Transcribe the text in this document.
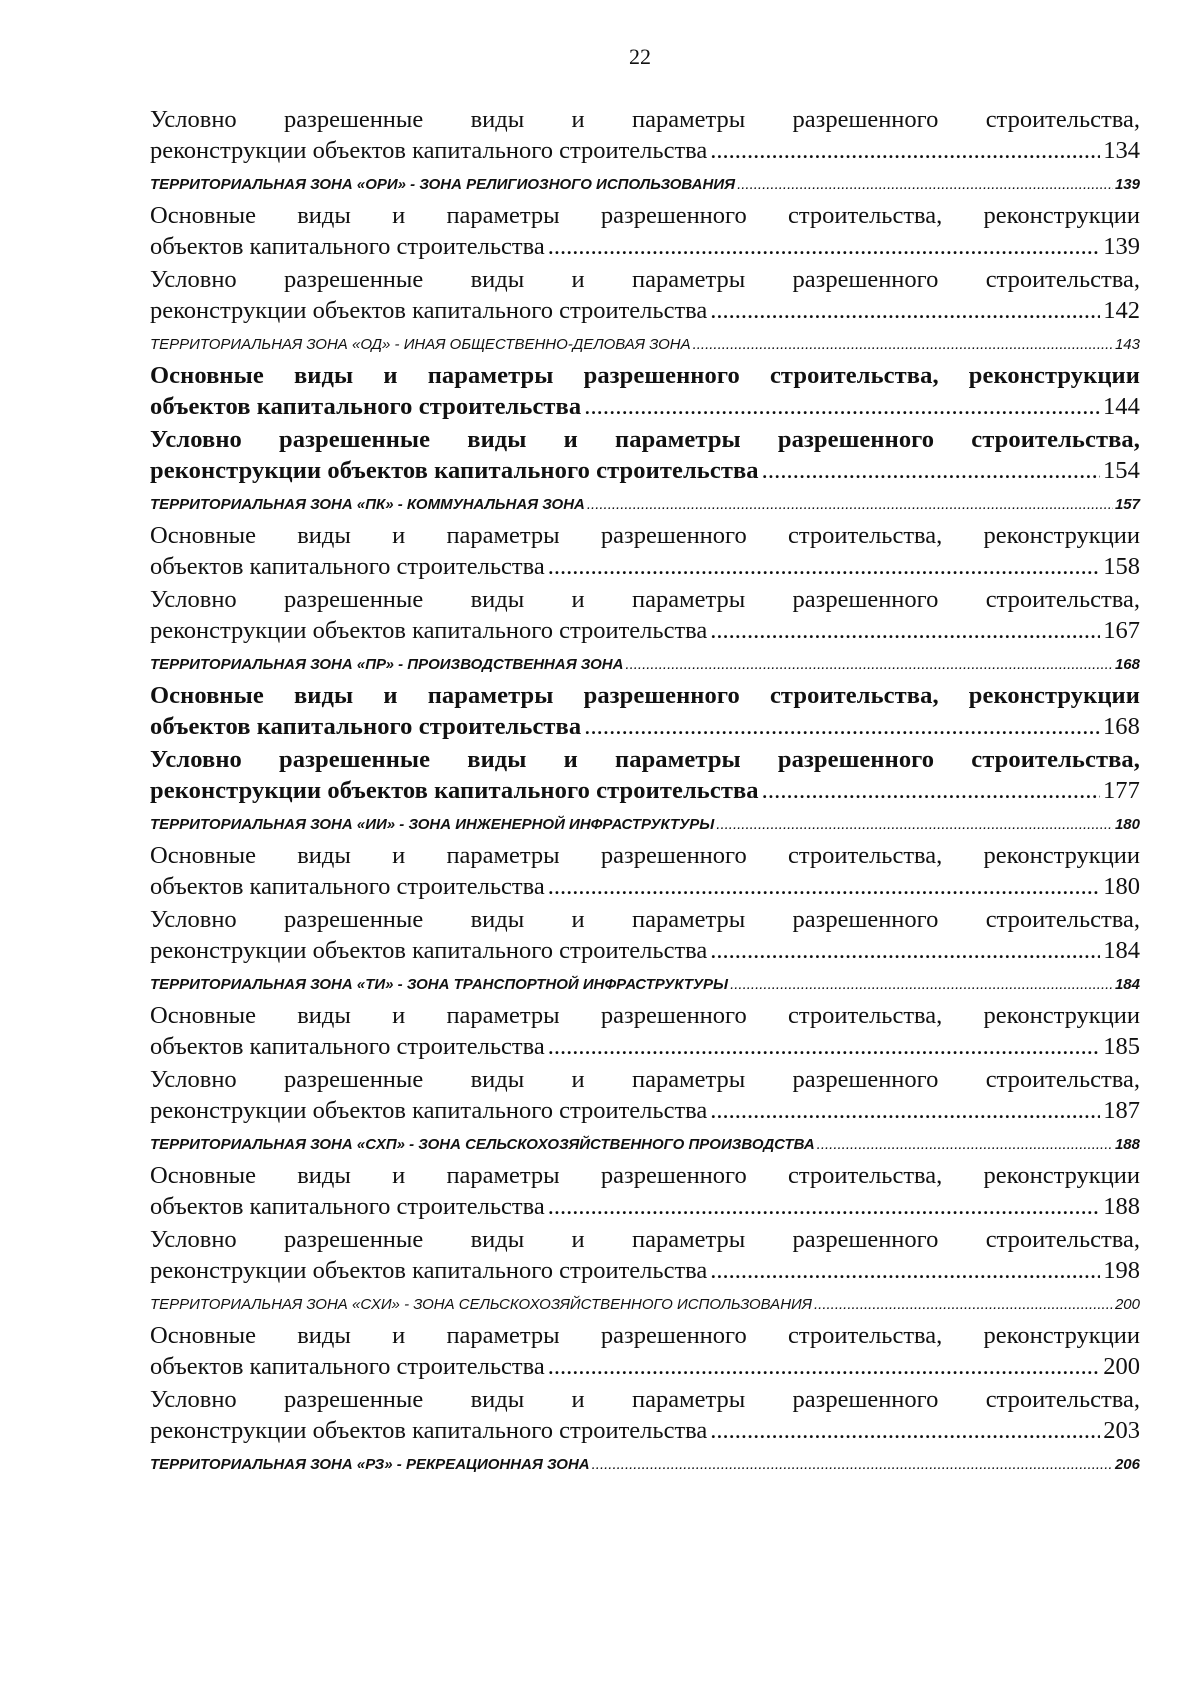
22
Условно разрешенные виды и параметры разрешенного строительства,
реконструкции объектов капитального строительства .....	134
ТЕРРИТОРИАЛЬНАЯ ЗОНА «ОРИ» - ЗОНА РЕЛИГИОЗНОГО ИСПОЛЬЗОВАНИЯ .....	139
Основные виды и параметры разрешенного строительства, реконструкции
объектов капитального строительства .....	139
Условно разрешенные виды и параметры разрешенного строительства,
реконструкции объектов капитального строительства .....	142
ТЕРРИТОРИАЛЬНАЯ ЗОНА «ОД» - ИНАЯ ОБЩЕСТВЕННО-ДЕЛОВАЯ ЗОНА .....	143
Основные виды и параметры разрешенного строительства, реконструкции
объектов капитального строительства .....	144
Условно разрешенные виды и параметры разрешенного строительства,
реконструкции объектов капитального строительства .....	154
ТЕРРИТОРИАЛЬНАЯ ЗОНА «ПК» - КОММУНАЛЬНАЯ ЗОНА .....	157
Основные виды и параметры разрешенного строительства, реконструкции
объектов капитального строительства .....	158
Условно разрешенные виды и параметры разрешенного строительства,
реконструкции объектов капитального строительства .....	167
ТЕРРИТОРИАЛЬНАЯ ЗОНА «ПР» - ПРОИЗВОДСТВЕННАЯ ЗОНА .....	168
Основные виды и параметры разрешенного строительства, реконструкции
объектов капитального строительства .....	168
Условно разрешенные виды и параметры разрешенного строительства,
реконструкции объектов капитального строительства .....	177
ТЕРРИТОРИАЛЬНАЯ ЗОНА «ИИ» - ЗОНА ИНЖЕНЕРНОЙ ИНФРАСТРУКТУРЫ .....	180
Основные виды и параметры разрешенного строительства, реконструкции
объектов капитального строительства .....	180
Условно разрешенные виды и параметры разрешенного строительства,
реконструкции объектов капитального строительства .....	184
ТЕРРИТОРИАЛЬНАЯ ЗОНА «ТИ» - ЗОНА ТРАНСПОРТНОЙ ИНФРАСТРУКТУРЫ .....	184
Основные виды и параметры разрешенного строительства, реконструкции
объектов капитального строительства .....	185
Условно разрешенные виды и параметры разрешенного строительства,
реконструкции объектов капитального строительства .....	187
ТЕРРИТОРИАЛЬНАЯ ЗОНА «СХП» - ЗОНА СЕЛЬСКОХОЗЯЙСТВЕННОГО ПРОИЗВОДСТВА .....	188
Основные виды и параметры разрешенного строительства, реконструкции
объектов капитального строительства .....	188
Условно разрешенные виды и параметры разрешенного строительства,
реконструкции объектов капитального строительства .....	198
ТЕРРИТОРИАЛЬНАЯ ЗОНА «СХИ» - ЗОНА СЕЛЬСКОХОЗЯЙСТВЕННОГО ИСПОЛЬЗОВАНИЯ .....	200
Основные виды и параметры разрешенного строительства, реконструкции
объектов капитального строительства .....	200
Условно разрешенные виды и параметры разрешенного строительства,
реконструкции объектов капитального строительства .....	203
ТЕРРИТОРИАЛЬНАЯ ЗОНА «РЗ» - РЕКРЕАЦИОННАЯ ЗОНА .....	206
